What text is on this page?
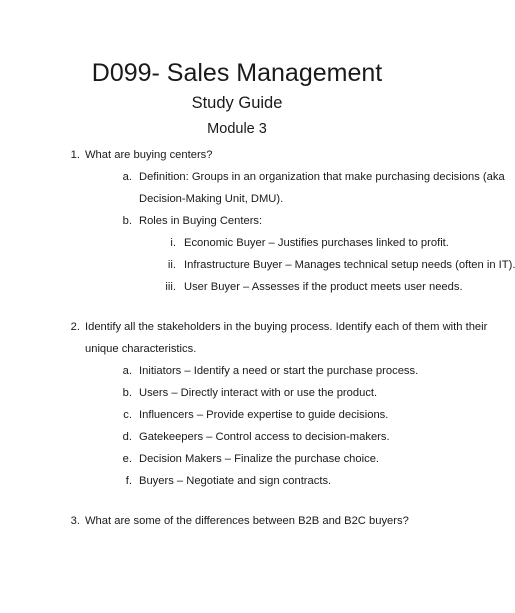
D099- Sales Management
Study Guide
Module 3
1. What are buying centers?
a. Definition: Groups in an organization that make purchasing decisions (aka
Decision-Making Unit, DMU).
b. Roles in Buying Centers:
i. Economic Buyer – Justifies purchases linked to profit.
ii. Infrastructure Buyer – Manages technical setup needs (often in IT).
iii. User Buyer – Assesses if the product meets user needs.
2. Identify all the stakeholders in the buying process. Identify each of them with their
unique characteristics.
a. Initiators – Identify a need or start the purchase process.
b. Users – Directly interact with or use the product.
c. Influencers – Provide expertise to guide decisions.
d. Gatekeepers – Control access to decision-makers.
e. Decision Makers – Finalize the purchase choice.
f. Buyers – Negotiate and sign contracts.
3. What are some of the differences between B2B and B2C buyers?
